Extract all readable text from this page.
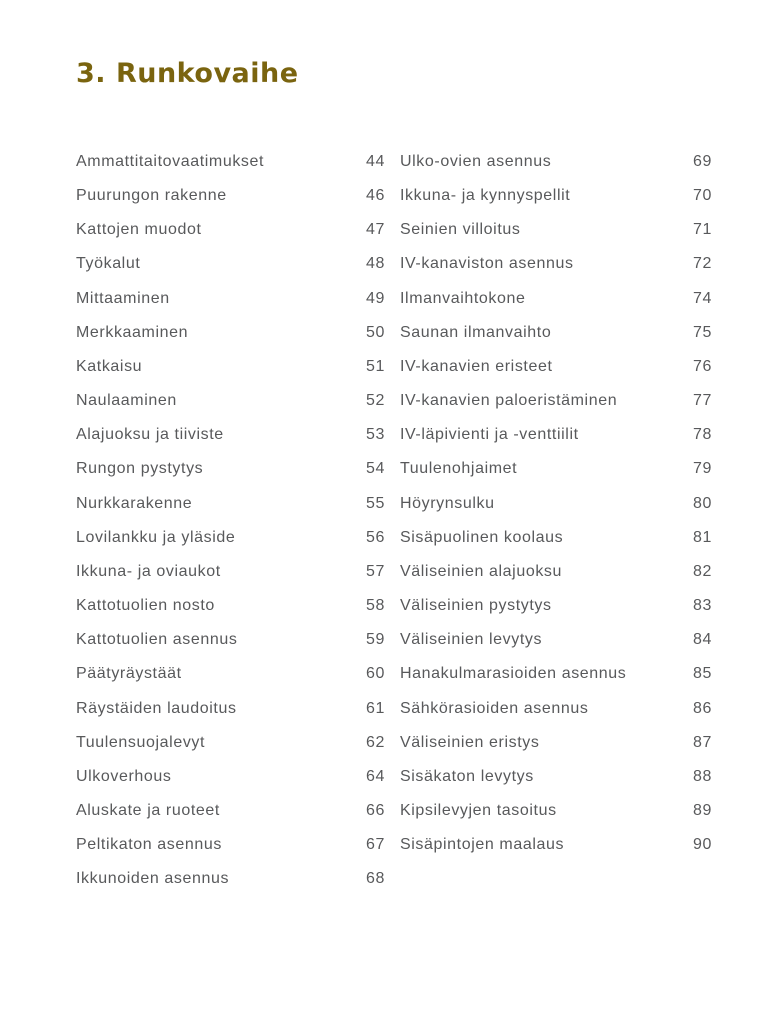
3. Runkovaihe
Ammattitaitovaatimukset	44
Puurungon rakenne	46
Kattojen muodot	47
Työkalut	48
Mittaaminen	49
Merkkaaminen	50
Katkaisu	51
Naulaaminen	52
Alajuoksu ja tiiviste	53
Rungon pystytys	54
Nurkkarakenne	55
Lovilankku ja yläside	56
Ikkuna- ja oviaukot	57
Kattotuolien nosto	58
Kattotuolien asennus	59
Päätyräystäät	60
Räystäiden laudoitus	61
Tuulensuojalevyt	62
Ulkoverhous	64
Aluskate ja ruoteet	66
Peltikaton asennus	67
Ikkunoiden asennus	68
Ulko-ovien asennus	69
Ikkuna- ja kynnyspellit	70
Seinien villoitus	71
IV-kanaviston asennus	72
Ilmanvaihtokone	74
Saunan ilmanvaihto	75
IV-kanavien eristeet	76
IV-kanavien paloeristäminen	77
IV-läpivienti ja -venttiilit	78
Tuulenohjaimet	79
Höyrynsulku	80
Sisäpuolinen koolaus	81
Väliseinien alajuoksu	82
Väliseinien pystytys	83
Väliseinien levytys	84
Hanakulmarasioiden asennus	85
Sähkörasioiden asennus	86
Väliseinien eristys	87
Sisäkaton levytys	88
Kipsilevyjen tasoitus	89
Sisäpintojen maalaus	90
